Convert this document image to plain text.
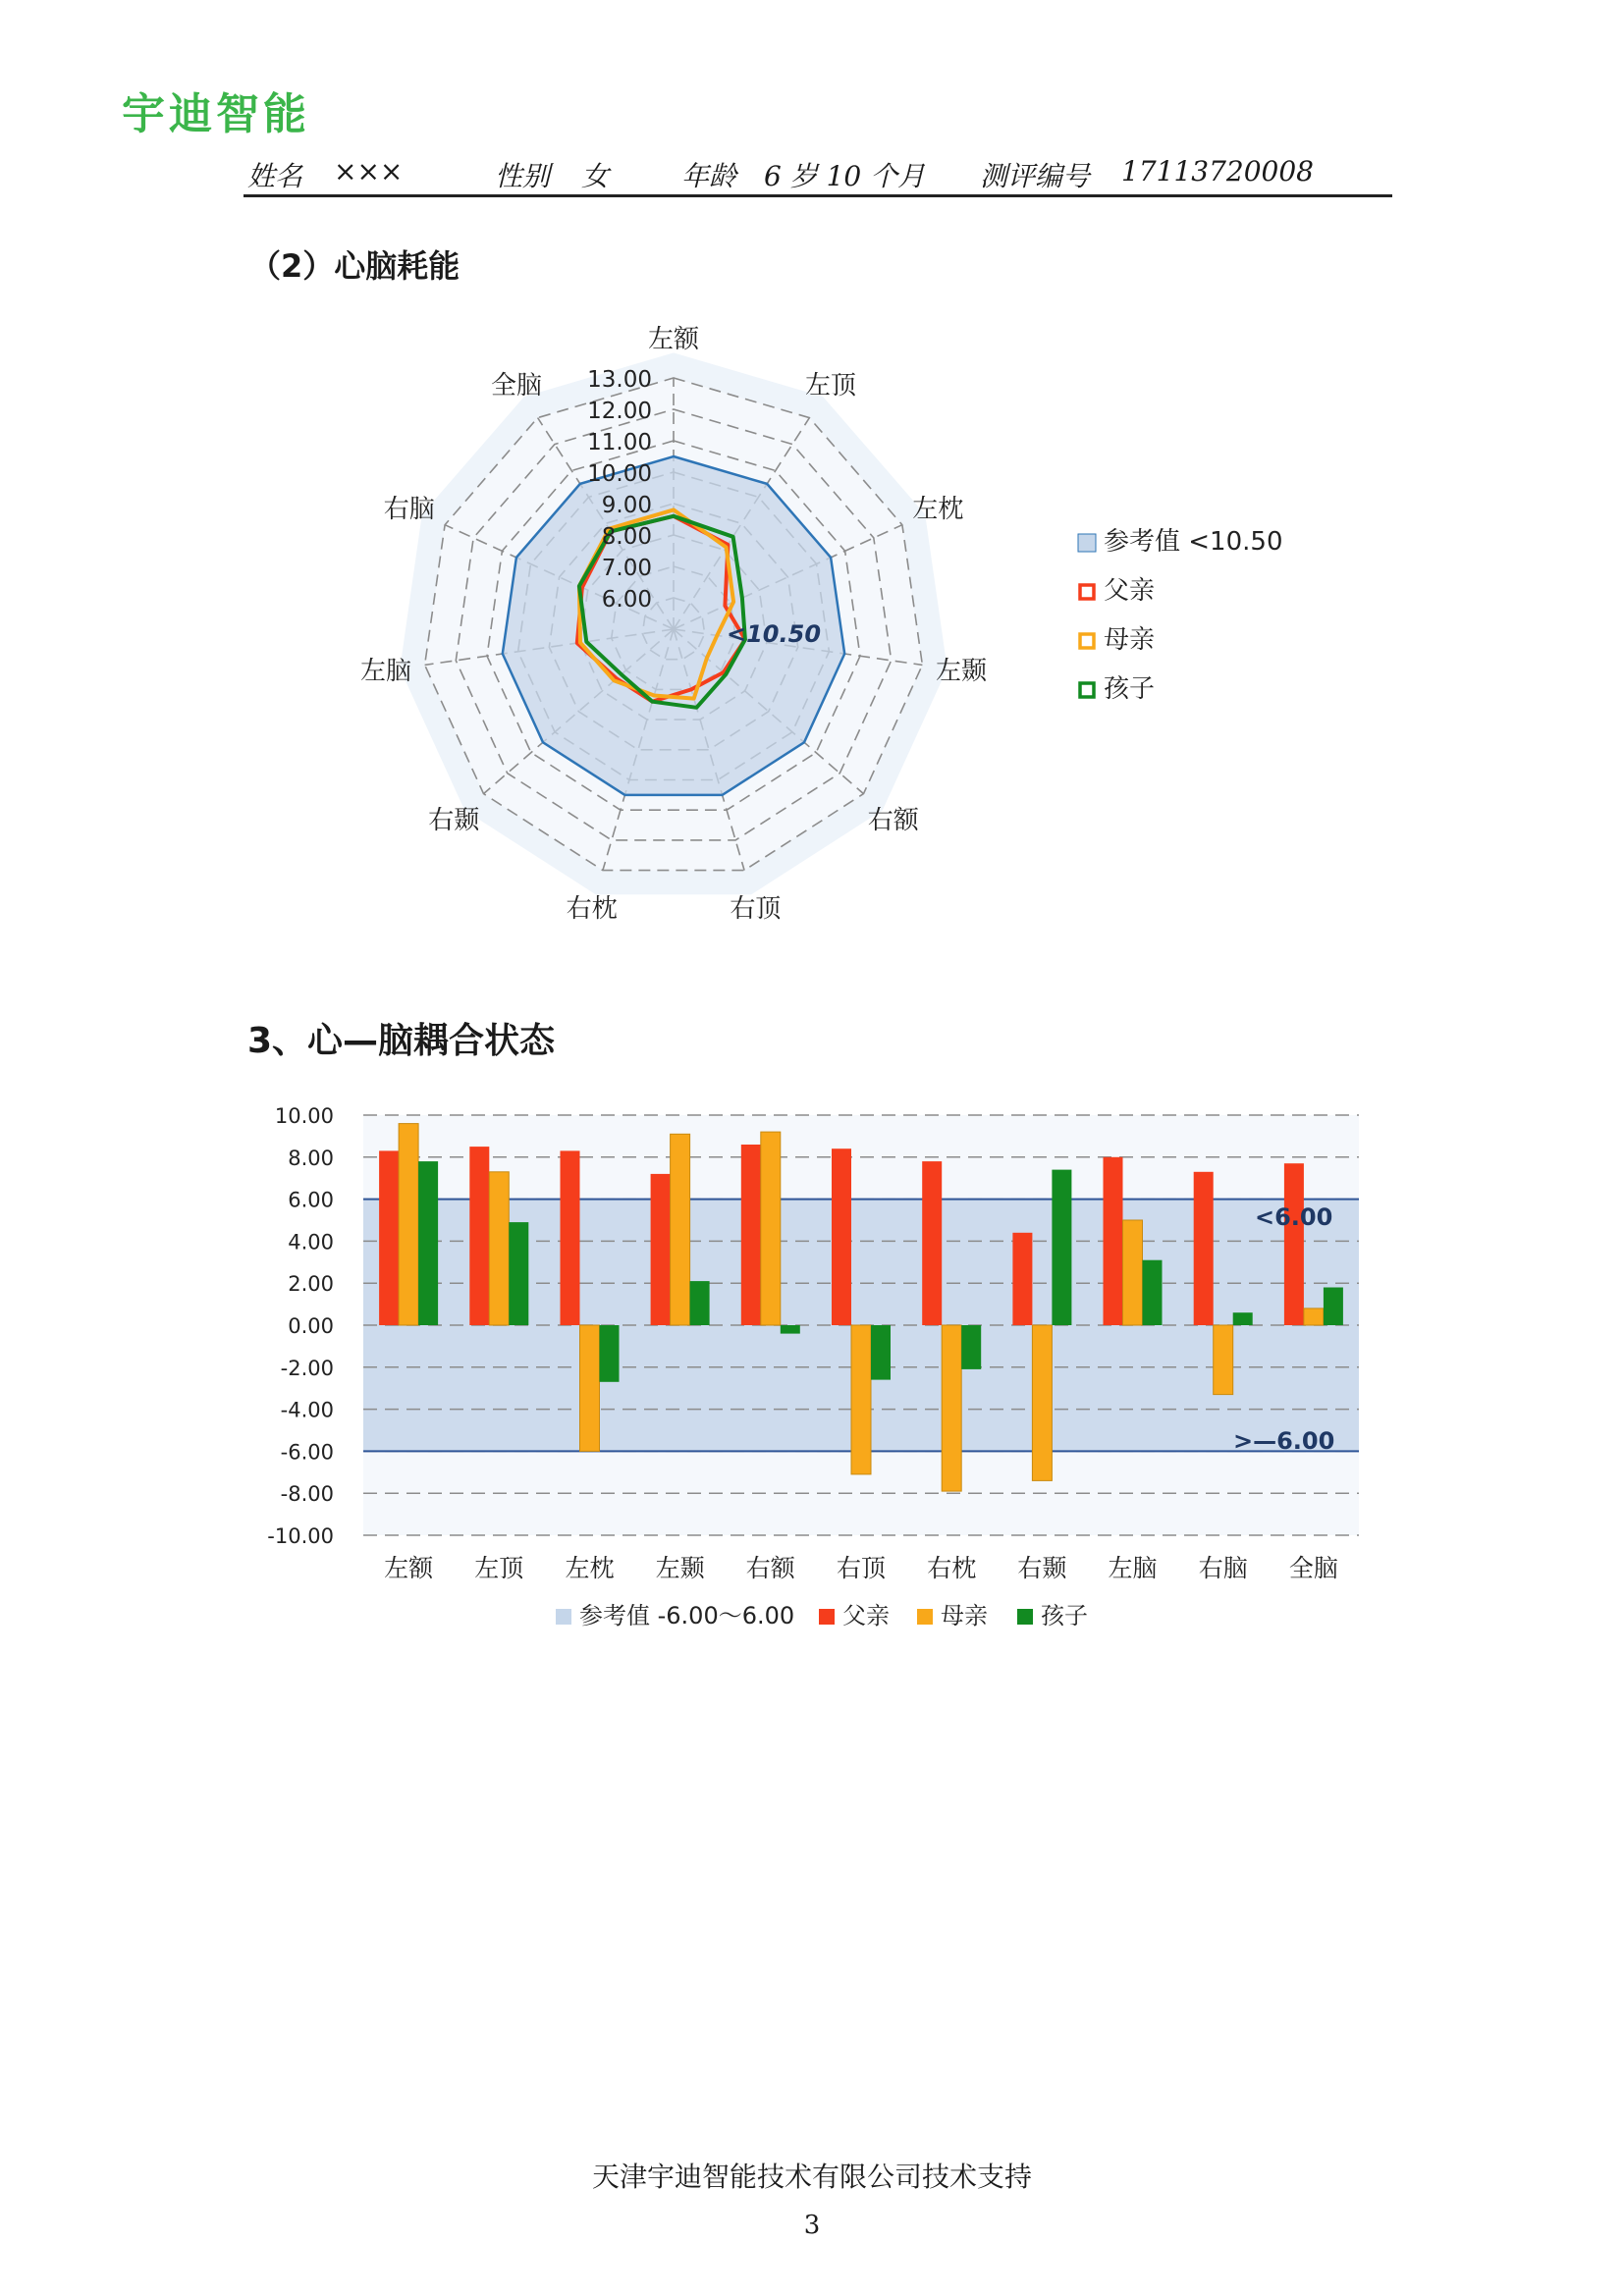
宇迪智能
姓名 ×××	性别 女	年龄 6 岁 10 个月 测评编号 17113720008
（2）心脑耗能
3、心—脑耦合状态
6.00
7.00
8.00
9.00
10.00
11.00
12.00
13.00
左额
左顶
左枕
左颞
右额
右顶
右枕
右颞
左脑
右脑
全脑
参考值 <10.50
父亲
母亲
孩子
<10.50
10.00
8.00
6.00
4.00
2.00
0.00
-2.00
-4.00
-6.00
-8.00
-10.00
左额 左顶 左枕 左颞 右额 右顶 右枕 右颞 左脑 右脑 全脑
参考值 -6.00～6.00 父亲 母亲 孩子
<6.00
>—6.00
天津宇迪智能技术有限公司技术支持
3
